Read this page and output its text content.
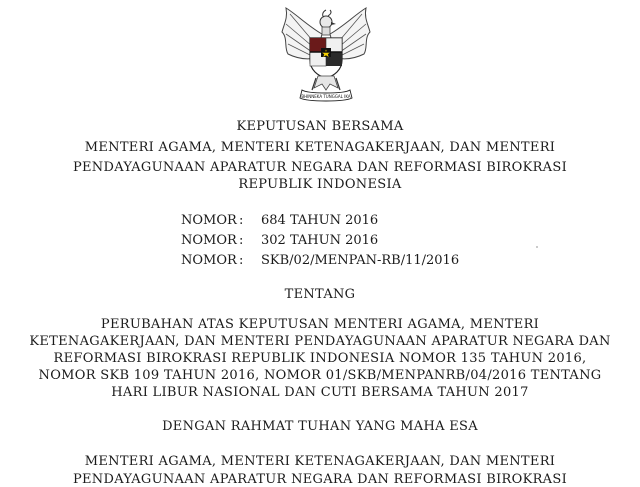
BHINNEKA TUNGGAL IKA
KEPUTUSAN BERSAMA
MENTERI AGAMA, MENTERI KETENAGAKERJAAN, DAN MENTERI
PENDAYAGUNAAN APARATUR NEGARA DAN REFORMASI BIROKRASI
REPUBLIK INDONESIA
NOMOR : 684 TAHUN 2016
NOMOR : 302 TAHUN 2016
NOMOR : SKB/02/MENPAN-RB/11/2016
TENTANG
PERUBAHAN ATAS KEPUTUSAN MENTERI AGAMA, MENTERI
KETENAGAKERJAAN, DAN MENTERI PENDAYAGUNAAN APARATUR NEGARA DAN
REFORMASI BIROKRASI REPUBLIK INDONESIA NOMOR 135 TAHUN 2016,
NOMOR SKB 109 TAHUN 2016, NOMOR 01/SKB/MENPANRB/04/2016 TENTANG
HARI LIBUR NASIONAL DAN CUTI BERSAMA TAHUN 2017
DENGAN RAHMAT TUHAN YANG MAHA ESA
MENTERI AGAMA, MENTERI KETENAGAKERJAAN, DAN MENTERI
PENDAYAGUNAAN APARATUR NEGARA DAN REFORMASI BIROKRASI
